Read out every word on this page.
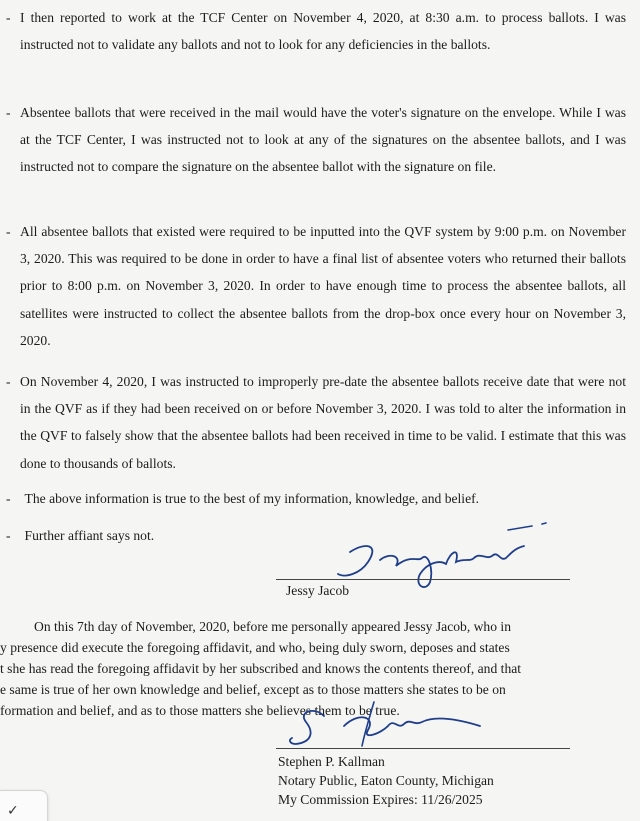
- I then reported to work at the TCF Center on November 4, 2020, at 8:30 a.m. to process ballots. I was instructed not to validate any ballots and not to look for any deficiencies in the ballots.
- Absentee ballots that were received in the mail would have the voter's signature on the envelope. While I was at the TCF Center, I was instructed not to look at any of the signatures on the absentee ballots, and I was instructed not to compare the signature on the absentee ballot with the signature on file.
- All absentee ballots that existed were required to be inputted into the QVF system by 9:00 p.m. on November 3, 2020. This was required to be done in order to have a final list of absentee voters who returned their ballots prior to 8:00 p.m. on November 3, 2020. In order to have enough time to process the absentee ballots, all satellites were instructed to collect the absentee ballots from the drop-box once every hour on November 3, 2020.
- On November 4, 2020, I was instructed to improperly pre-date the absentee ballots receive date that were not in the QVF as if they had been received on or before November 3, 2020. I was told to alter the information in the QVF to falsely show that the absentee ballots had been received in time to be valid. I estimate that this was done to thousands of ballots.
- The above information is true to the best of my information, knowledge, and belief.
- Further affiant says not.
Jessy Jacob
On this 7th day of November, 2020, before me personally appeared Jessy Jacob, who in
y presence did execute the foregoing affidavit, and who, being duly sworn, deposes and states
t she has read the foregoing affidavit by her subscribed and knows the contents thereof, and that
e same is true of her own knowledge and belief, except as to those matters she states to be on
formation and belief, and as to those matters she believes them to be true.
Stephen P. Kallman
Notary Public, Eaton County, Michigan
My Commission Expires: 11/26/2025
✓
